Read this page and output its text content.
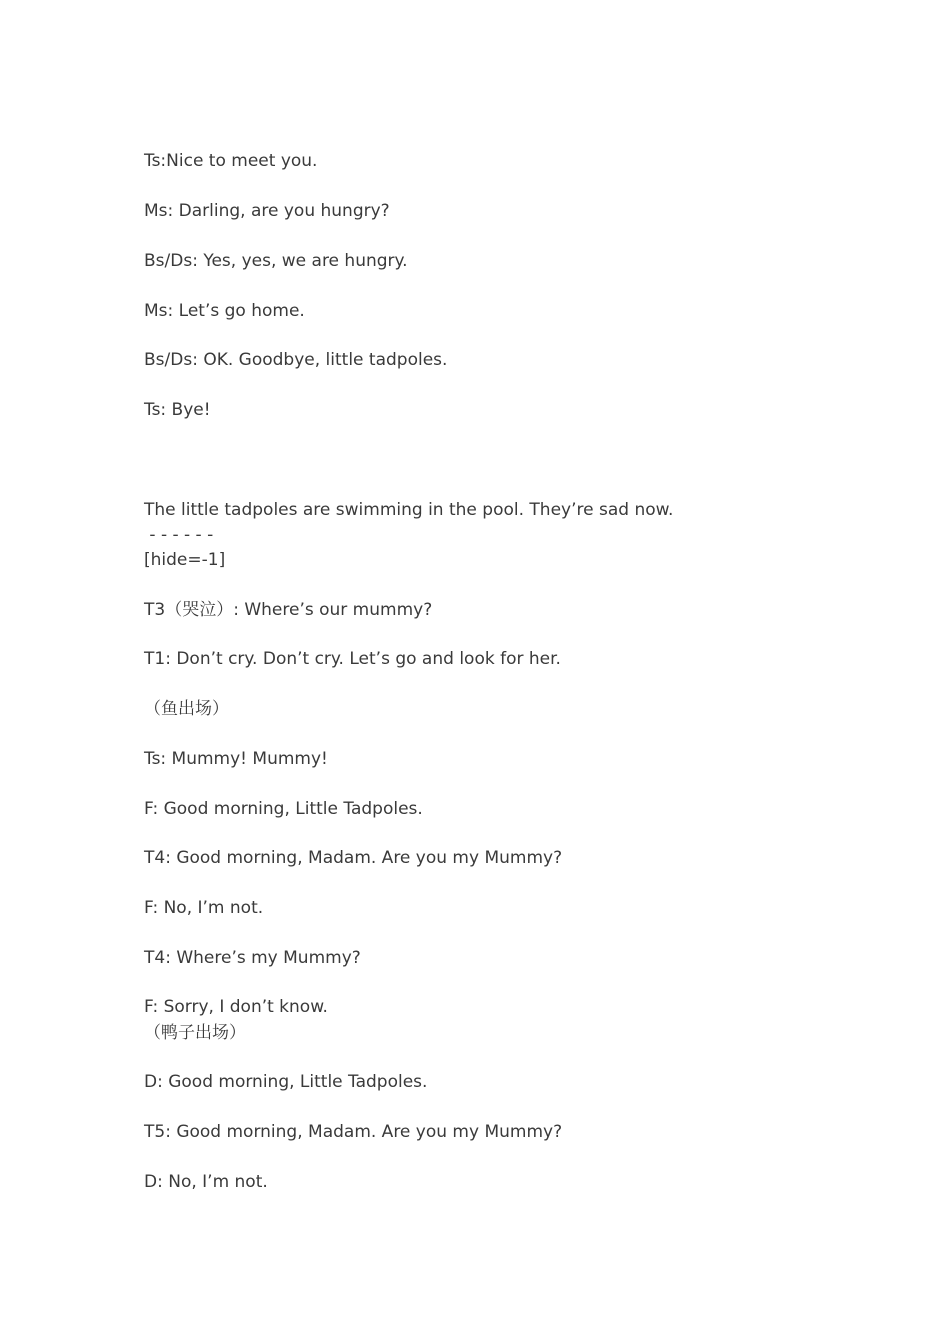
Ts:Nice to meet you.

Ms: Darling, are you hungry?

Bs/Ds: Yes, yes, we are hungry.

Ms: Let’s go home.

Bs/Ds: OK. Goodbye, little tadpoles.

Ts: Bye!

The little tadpoles are swimming in the pool. They’re sad now.

- - - - - -

[hide=-1]

T3（哭泣）: Where’s our mummy?

T1: Don’t cry. Don’t cry. Let’s go and look for her.

（鱼出场）

Ts: Mummy! Mummy!

F: Good morning, Little Tadpoles.

T4: Good morning, Madam. Are you my Mummy?

F: No, I’m not.

T4: Where’s my Mummy?

F: Sorry, I don’t know.

（鸭子出场）

D: Good morning, Little Tadpoles.

T5: Good morning, Madam. Are you my Mummy?

D: No, I’m not.
